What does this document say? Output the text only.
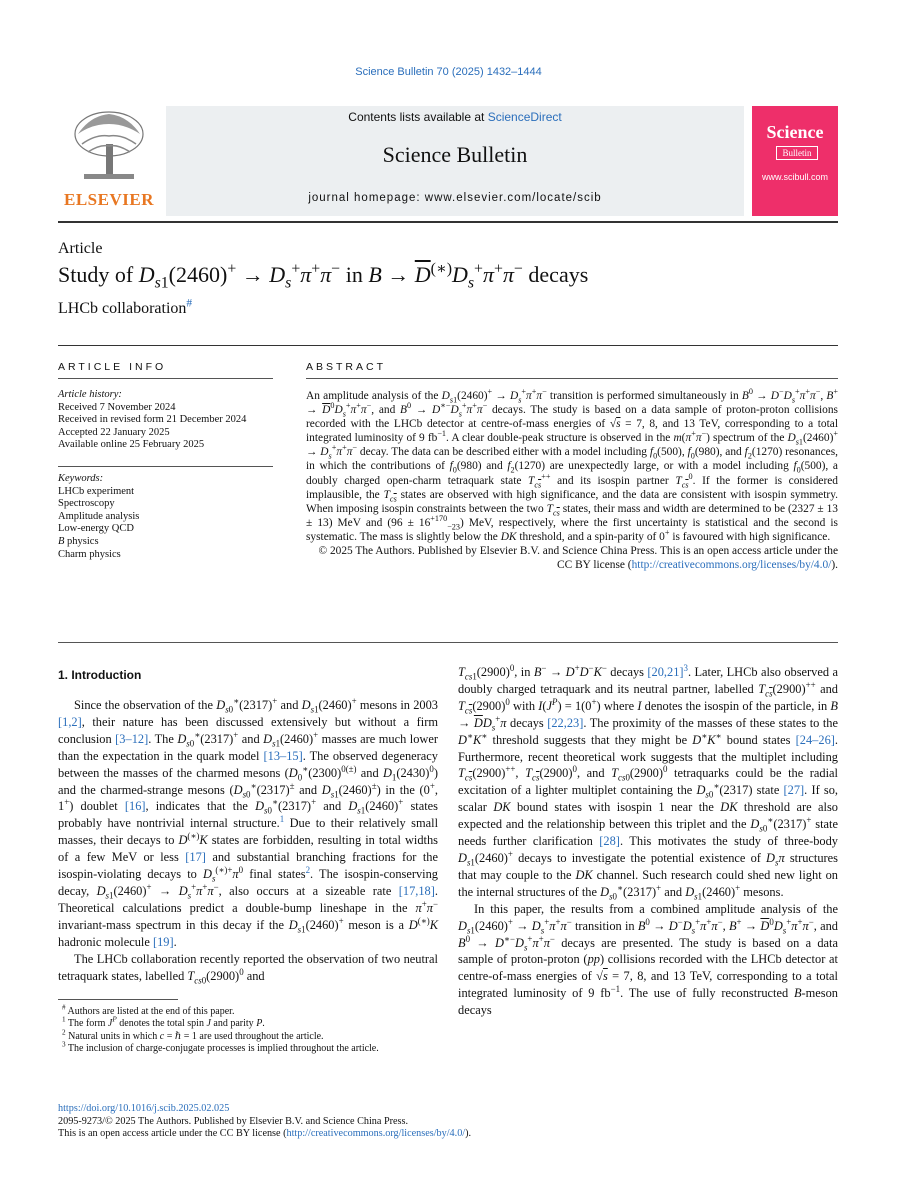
Science Bulletin 70 (2025) 1432–1444
ELSEVIER
Contents lists available at ScienceDirect
Science Bulletin
journal homepage: www.elsevier.com/locate/scib
Science
Bulletin
www.scibull.com
Article
Study of $D_{s1}(2460)^+ \to D_s^+\pi^+\pi^-$ in $B \to \overline{D}^{(∗)}D_s^+\pi^+\pi^-$ decays
LHCb collaboration#
ARTICLE INFO
Article history:
Received 7 November 2024
Received in revised form 21 December 2024
Accepted 22 January 2025
Available online 25 February 2025
Keywords:
LHCb experiment
Spectroscopy
Amplitude analysis
Low-energy QCD
B physics
Charm physics
ABSTRACT

An amplitude analysis of the $D_{s1}(2460)^+ \to D_s^+\pi^+\pi^-$ transition is performed simultaneously in $B^0 \to D^-D_s^+\pi^+\pi^-$, $B^+ \to \overline{D}^0D_s^+\pi^+\pi^-$, and $B^0 \to D^{∗-}D_s^+\pi^+\pi^-$ decays. The study is based on a data sample of proton-proton collisions recorded with the LHCb detector at centre-of-mass energies of √s = 7, 8, and 13 TeV, corresponding to a total integrated luminosity of 9 $fb^{-1}$. A clear double-peak structure is observed in the m(π+π−) spectrum of the $D_{s1}(2460)^+ \to D_s^+\pi^+\pi^-$ decay. The data can be described either with a model including $f_0(500)$, $f_0(980)$, and $f_2(1270)$ resonances, in which the contributions of $f_0(980)$ and $f_2(1270)$ are unexpectedly large, or with a model including $f_0(500)$, a doubly charged open-charm tetraquark state $T_{c\overline{s}}^{++}$ and its isospin partner $T_{c\overline{s}}^0$. If the former is considered implausible, the $T_{c\overline{s}}$ states are observed with high significance, and the data are consistent with isospin symmetry. When imposing isospin constraints between the two $T_{c\overline{s}}$ states, their mass and width are determined to be (2327 ± 13 ± 13) MeV and $(96 \pm 16^{+170}_{-23})$ MeV, respectively, where the first uncertainty is statistical and the second is systematic. The mass is slightly below the DK threshold, and a spin-parity of 0+ is favoured with high significance.

© 2025 The Authors. Published by Elsevier B.V. and Science China Press. This is an open access article under the CC BY license (http://creativecommons.org/licenses/by/4.0/).

1. Introduction

Since the observation of the $D_{s0}^∗(2317)^+$ and $D_{s1}(2460)^+$ mesons in 2003 [1,2], their nature has been discussed extensively but without a firm conclusion [3–12]. The $D_{s0}^∗(2317)^+$ and $D_{s1}(2460)^+$ masses are much lower than the expectation in the quark model [13–15]. The observed degeneracy between the masses of the charmed mesons ($D_0^∗(2300)^{0(\pm)}$ and $D_1(2430)^0$) and the charmed-strange mesons ($D_{s0}^∗(2317)^\pm$ and $D_{s1}(2460)^\pm$) in the (0+, 1+) doublet [16], indicates that the $D_{s0}^∗(2317)^+$ and $D_{s1}(2460)^+$ states probably have nontrivial internal structure.$^1$ Due to their relatively small masses, their decays to D(∗)K states are forbidden, resulting in total widths of a few MeV or less [17] and substantial branching fractions for the isospin-violating decays to $D_s^{(∗)+}\pi^0$ final states$^2$. The isospin-conserving decay, $D_{s1}(2460)^+ \to D_s^+\pi^+\pi^-$, also occurs at a sizeable rate [17,18]. Theoretical calculations predict a double-bump lineshape in the π+π− invariant-mass spectrum in this decay if the $D_{s1}(2460)^+$ meson is a D(∗)K hadronic molecule [19].

The LHCb collaboration recently reported the observation of two neutral tetraquark states, labelled $T_{cs0}(2900)^0$ and

$T_{cs1}(2900)^0$, in B− → D+D−K− decays $[20,21]^3$. Later, LHCb also observed a doubly charged tetraquark and its neutral partner, labelled $T_{c\overline{s}}(2900)^{++}$ and $T_{c\overline{s}}(2900)^0$ with $I(J^P) = 1(0^+)$ where I denotes the isospin of the particle, in $B \to \overline{D}D_s^+\pi$ decays [22,23]. The proximity of the masses of these states to the D∗K∗ threshold suggests that they might be D∗K∗ bound states [24–26]. Furthermore, recent theoretical work suggests that the multiplet including $T_{c\overline{s}}(2900)^{++}$, $T_{c\overline{s}}(2900)^0$, and $T_{cs0}(2900)^0$ tetraquarks could be the radial excitation of a lighter multiplet containing the $D_{s0}^∗(2317)$ state [27]. If so, scalar DK bound states with isospin 1 near the DK threshold are also expected and the relationship between this triplet and the $D_{s0}^∗(2317)^+$ state needs further clarification [28]. This motivates the study of three-body $D_{s1}(2460)^+$ decays to investigate the potential existence of $D_s\pi$ structures that may couple to the DK channel. Such research could shed new light on the internal structures of the $D_{s0}^∗(2317)^+$ and $D_{s1}(2460)^+$ mesons.

In this paper, the results from a combined amplitude analysis of the $D_{s1}(2460)^+ \to D_s^+\pi^+\pi^-$ transition in $B^0 \to D^-D_s^+\pi^+\pi^-$, $B^+ \to \overline{D}^0D_s^+\pi^+\pi^-$, and $B^0 \to D^{∗-}D_s^+\pi^+\pi^-$ decays are presented. The study is based on a data sample of proton-proton (pp) collisions recorded with the LHCb detector at centre-of-mass energies of √s = 7, 8, and 13 TeV, corresponding to a total integrated luminosity of 9 $fb^{-1}$. The use of fully reconstructed B-meson decays

# Authors are listed at the end of this paper.
$^1$ The form $J^P$ denotes the total spin J and parity P.
$^2$ Natural units in which c = ℏ = 1 are used throughout the article.
$^3$ The inclusion of charge-conjugate processes is implied throughout the article.
https://doi.org/10.1016/j.scib.2025.02.025
2095-9273/© 2025 The Authors. Published by Elsevier B.V. and Science China Press.
This is an open access article under the CC BY license (http://creativecommons.org/licenses/by/4.0/).
